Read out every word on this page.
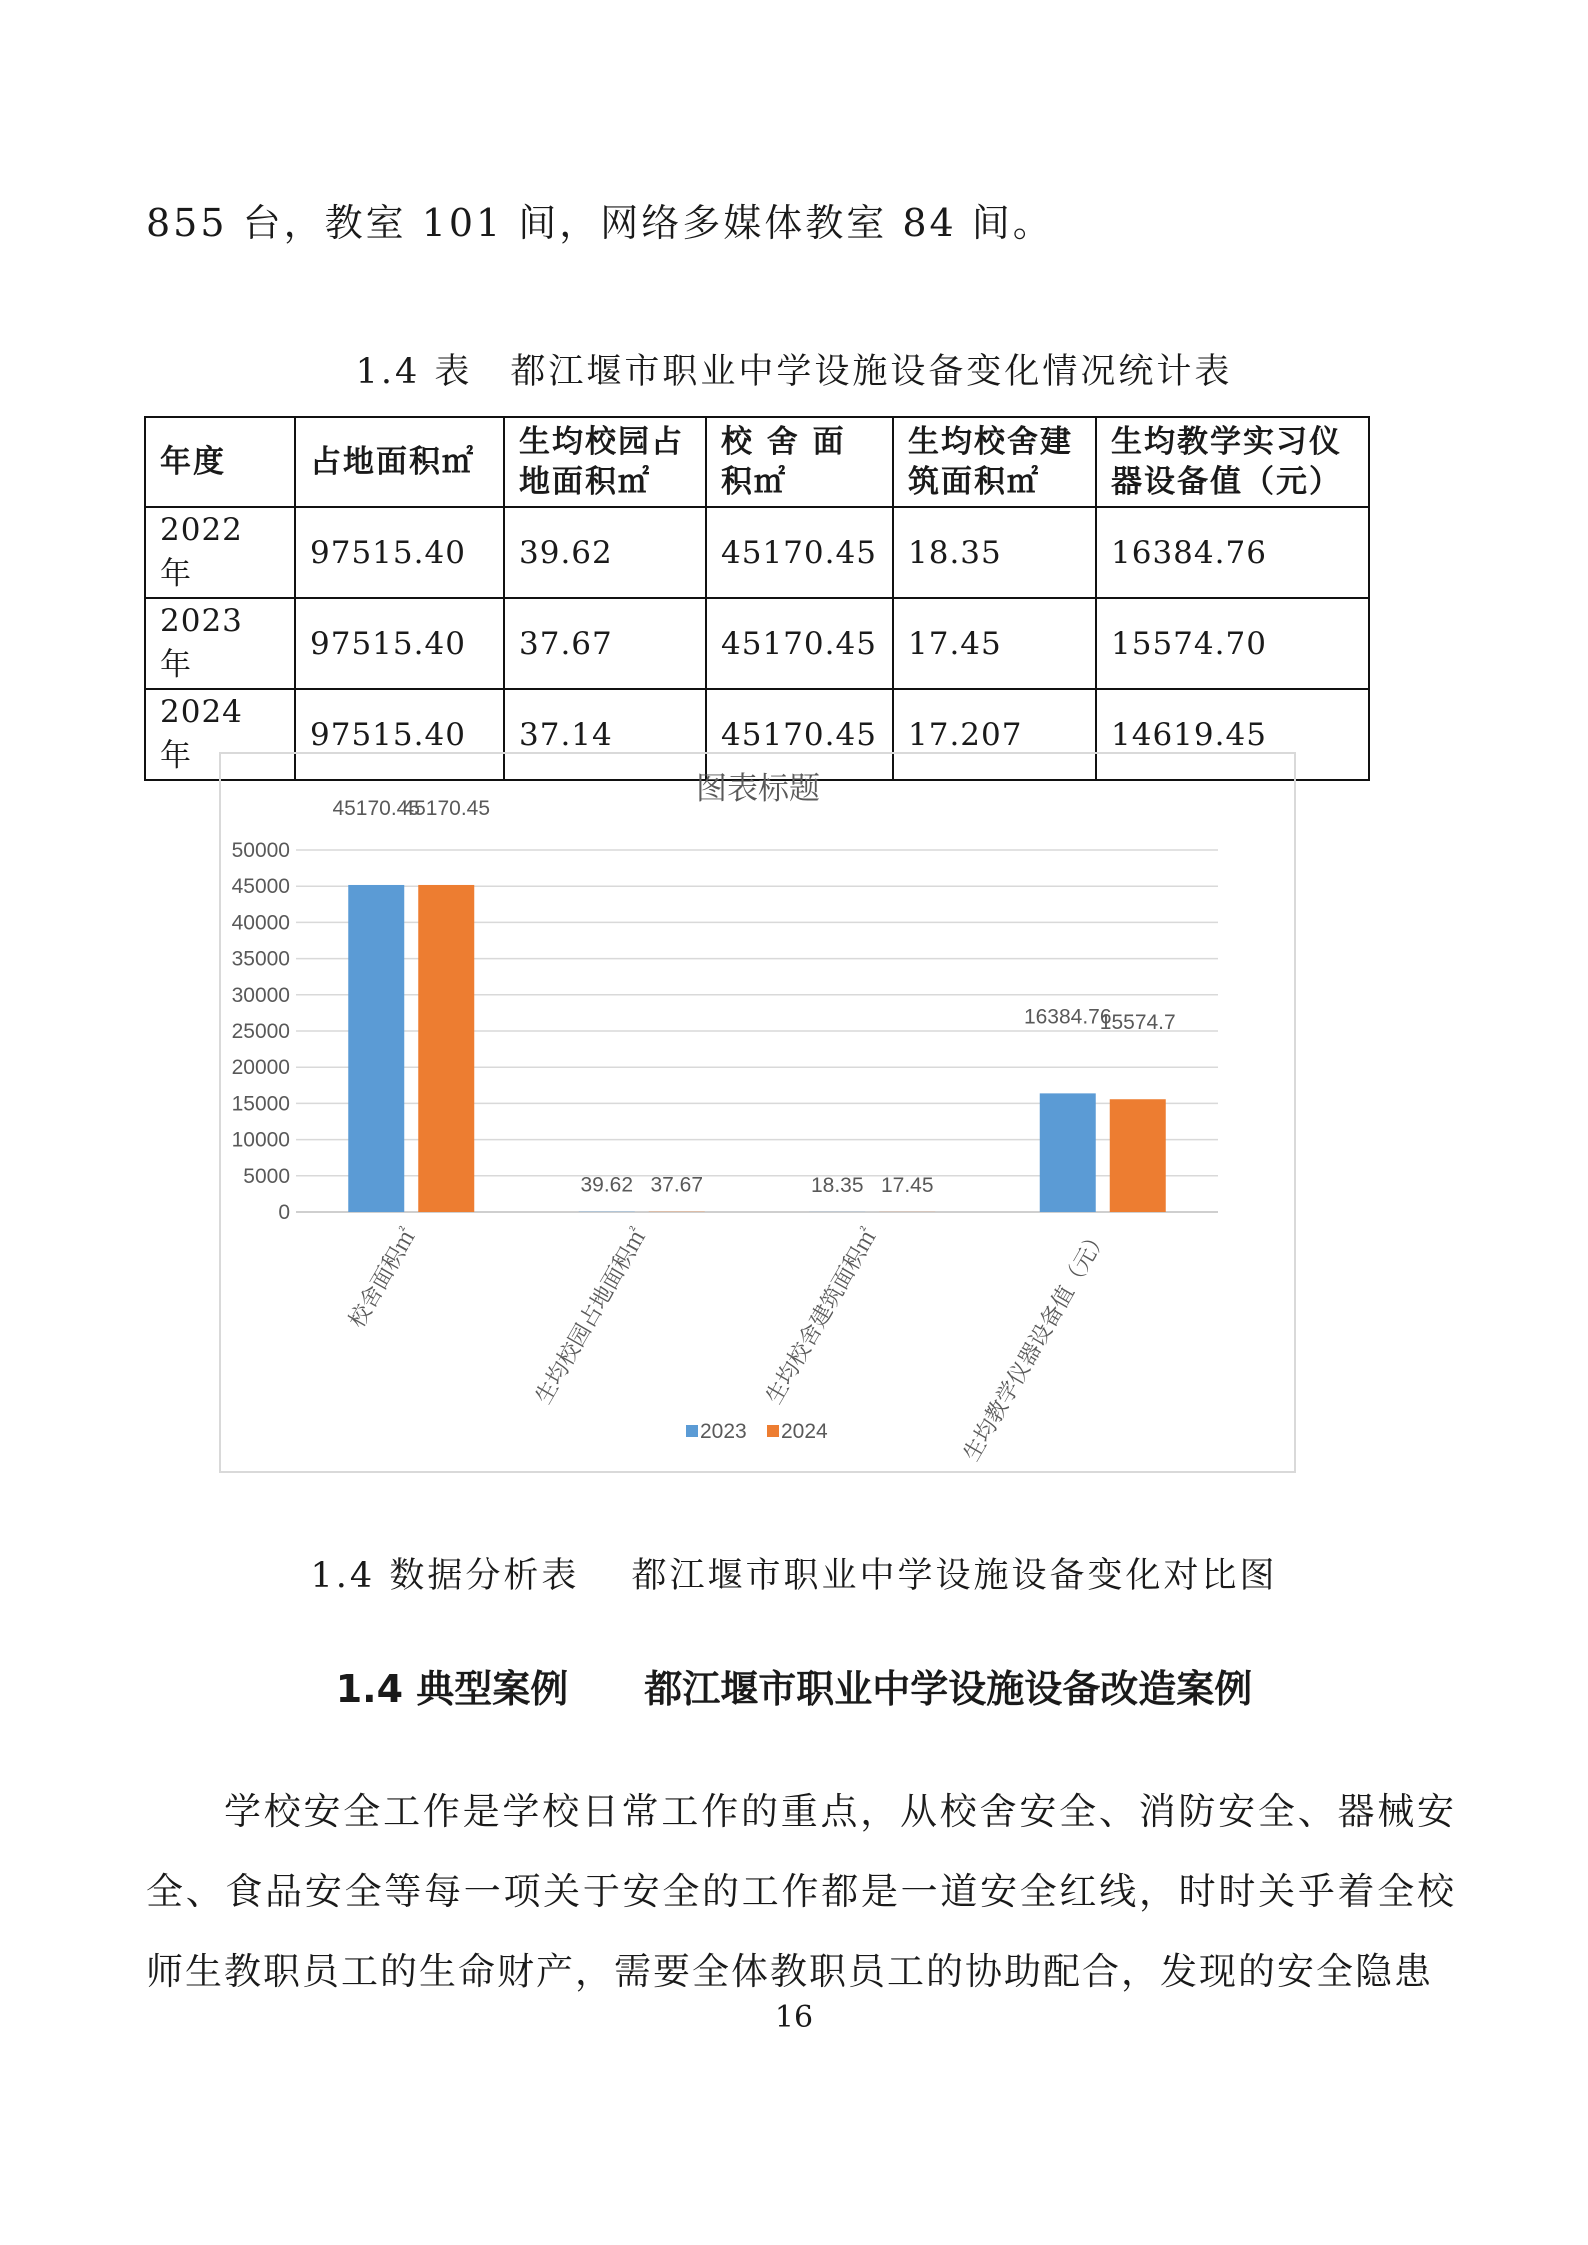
855 台，教室 101 间，网络多媒体教室 84 间。
1.4 表　都江堰市职业中学设施设备变化情况统计表
年度	占地面积㎡	生均校园占地面积㎡	校 舍 面 积㎡	生均校舍建筑面积㎡	生均教学实习仪器设备值（元）
2022 年	97515.40	39.62	45170.45	18.35	16384.76
2023 年	97515.40	37.67	45170.45	17.45	15574.70
2024 年	97515.40	37.14	45170.45	17.207	14619.45
图表标题
0
5000
10000
15000
20000
25000
30000
35000
40000
45000
50000
45170.45
45170.45
校舍面积㎡
39.62 37.67
生均校园占地面积㎡
18.35 17.45
生均校舍建筑面积㎡
16384.76
15574.7
生均教学仪器设备值（元）
2023 2024
1.4 数据分析表　 都江堰市职业中学设施设备变化对比图
1.4 典型案例　　都江堰市职业中学设施设备改造案例
学校安全工作是学校日常工作的重点，从校舍安全、消防安全、器械安全、食品安全等每一项关于安全的工作都是一道安全红线，时时关乎着全校师生教职员工的生命财产，需要全体教职员工的协助配合，发现的安全隐患
16
